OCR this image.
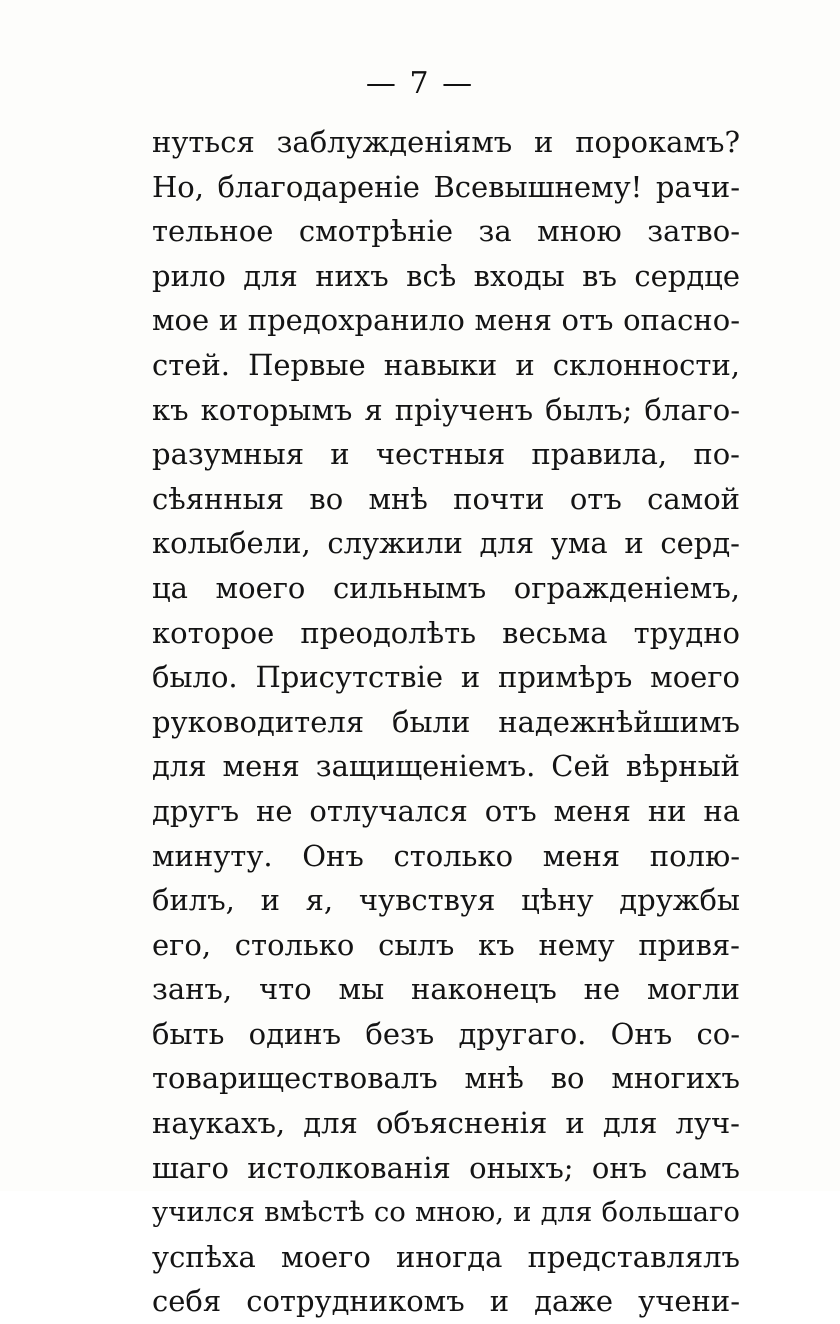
— 7 —
нуться заблужденіямъ и порокамъ?
Но, благодареніе Всевышнему! рачи-
тельное смотрѣніе за мною затво-
рило для нихъ всѣ входы въ сердце
мое и предохранило меня отъ опасно-
стей. Первые навыки и склонности,
къ которымъ я пріученъ былъ; благо-
разумныя и честныя правила, по-
сѣянныя во мнѣ почти отъ самой
колыбели, служили для ума и серд-
ца моего сильнымъ огражденіемъ,
которое преодолѣть весьма трудно
было. Присутствіе и примѣръ моего
руководителя были надежнѣйшимъ
для меня защищеніемъ. Сей вѣрный
другъ не отлучался отъ меня ни на
минуту. Онъ столько меня полю-
билъ, и я, чувствуя цѣну дружбы
его, столько сылъ къ нему привя-
занъ, что мы наконецъ не могли
быть одинъ безъ другаго. Онъ со-
товариществовалъ мнѣ во многихъ
наукахъ, для объясненія и для луч-
шаго истолкованія оныхъ; онъ самъ
учился вмѣстѣ со мною, и для большаго
успѣха моего иногда представлялъ
себя сотрудникомъ и даже учени-
